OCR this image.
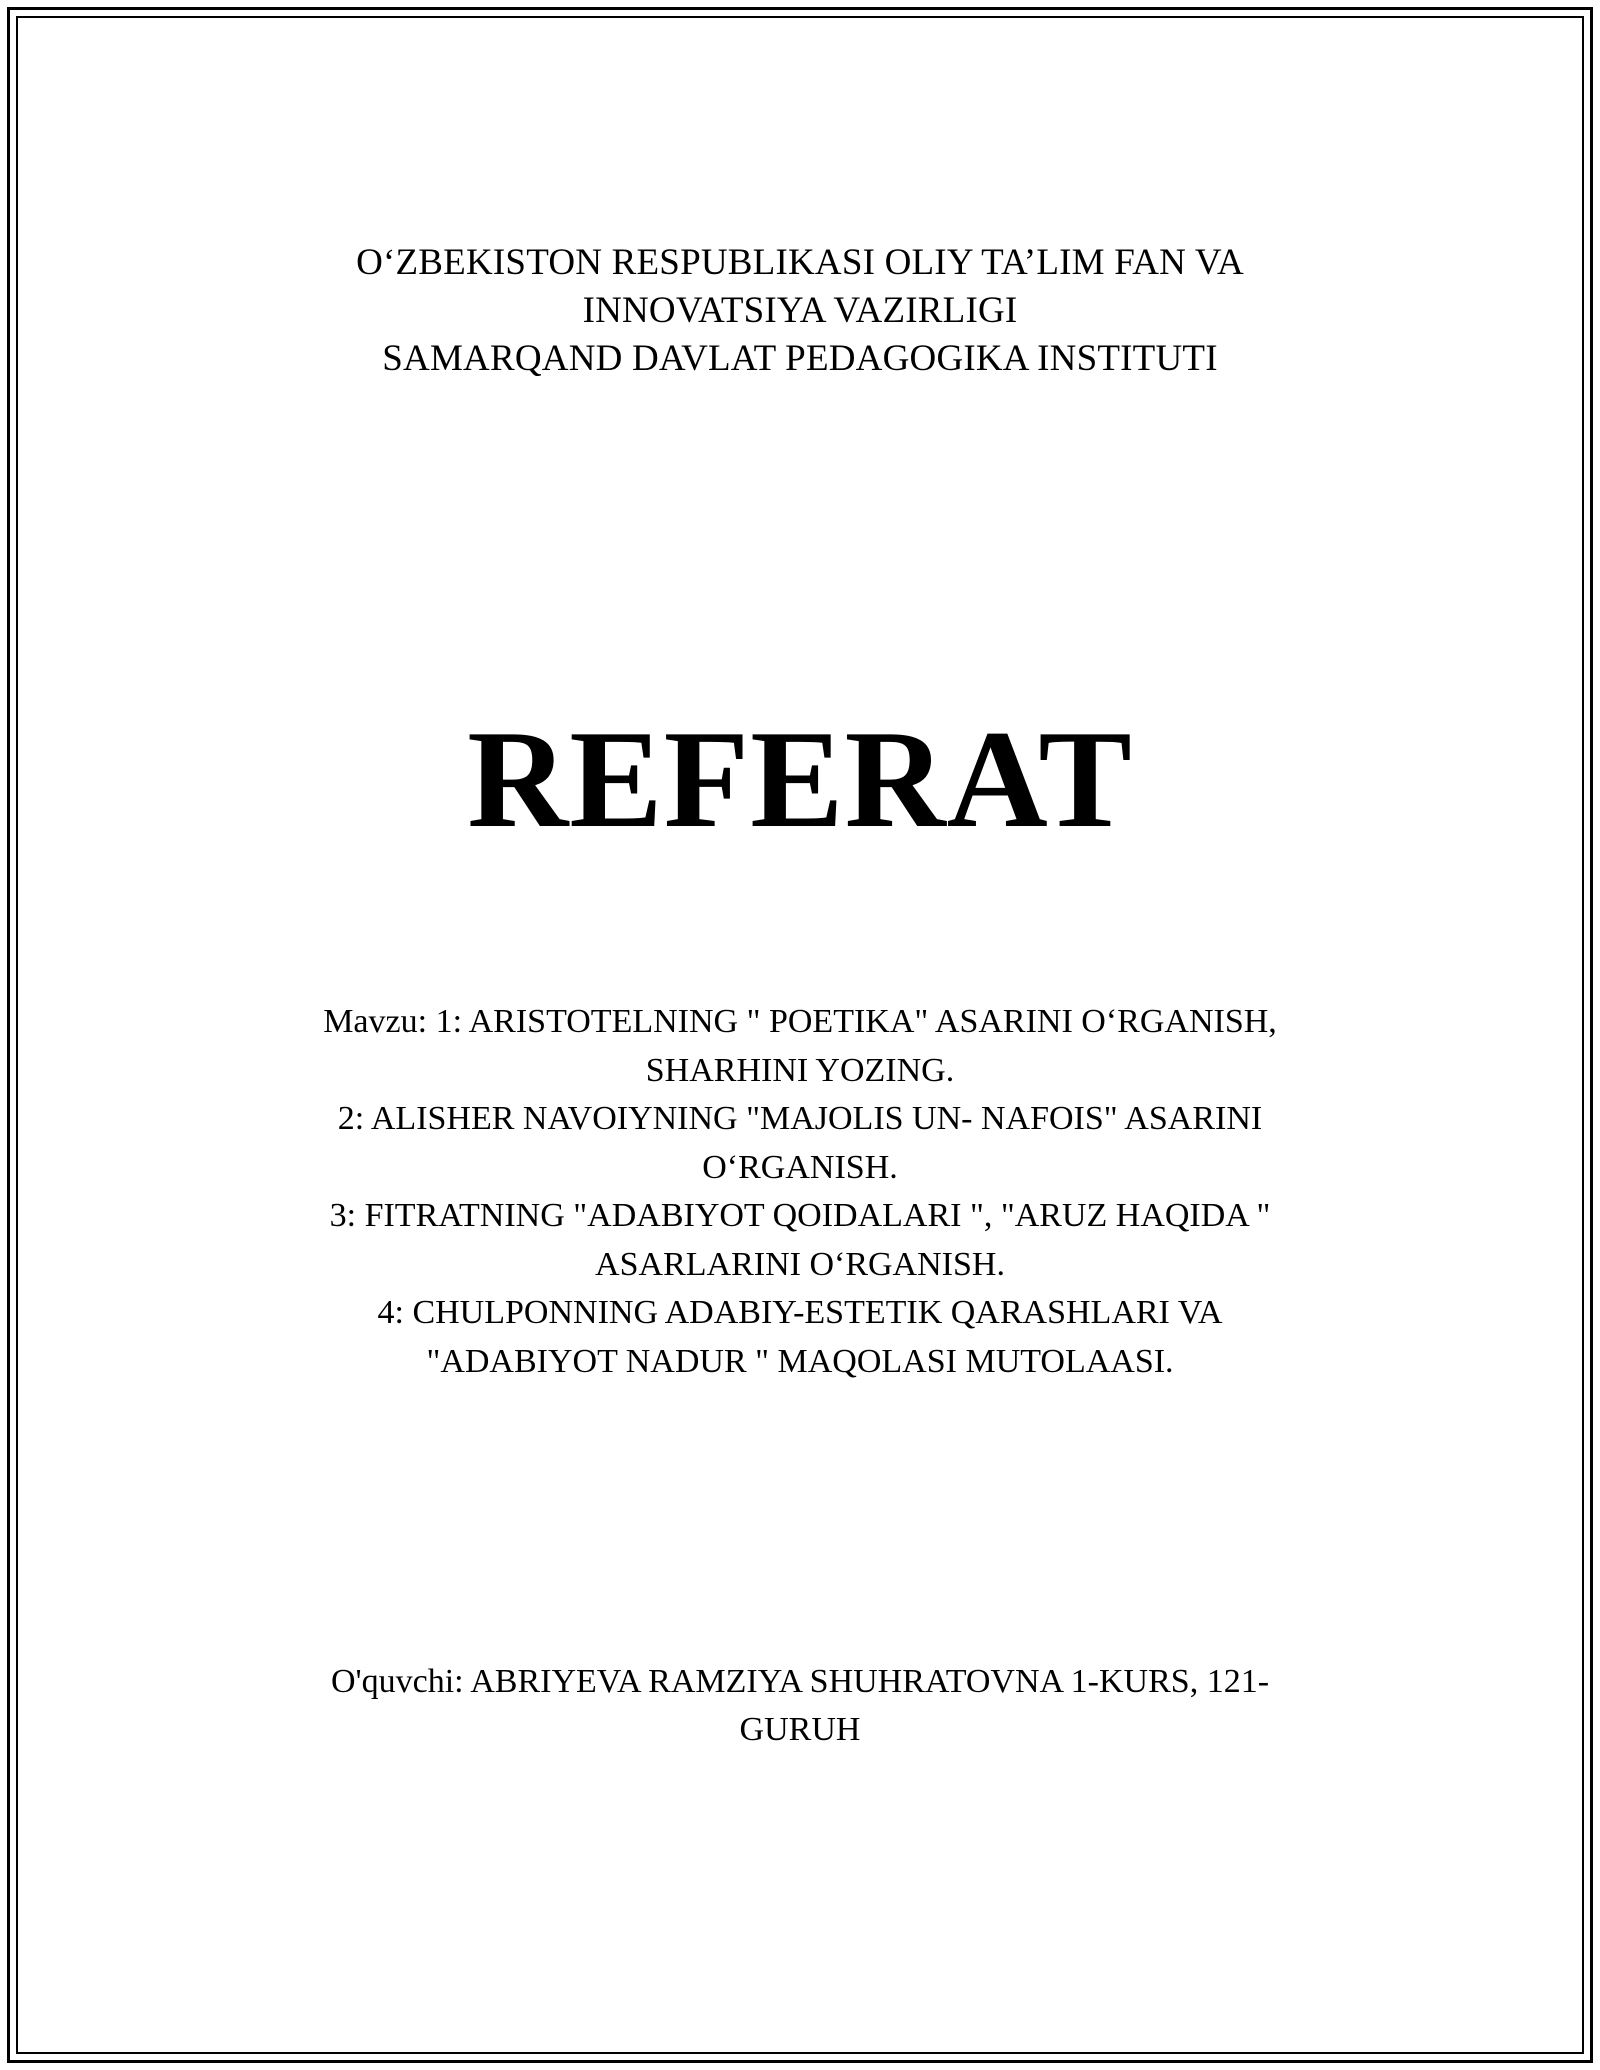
O‘ZBEKISTON RESPUBLIKASI OLIY TA’LIM FAN VA
INNOVATSIYA VAZIRLIGI
SAMARQAND DAVLAT PEDAGOGIKA INSTITUTI
REFERAT
Mavzu: 1: ARISTOTELNING " POETIKA" ASARINI O‘RGANISH,
SHARHINI YOZING.
2: ALISHER NAVOIYNING "MAJOLIS UN- NAFOIS" ASARINI
O‘RGANISH.
3: FITRATNING "ADABIYOT QOIDALARI ", "ARUZ HAQIDA "
ASARLARINI O‘RGANISH.
4: CHULPONNING ADABIY-ESTETIK QARASHLARI VA
"ADABIYOT NADUR " MAQOLASI MUTOLAASI.
O'quvchi: ABRIYEVA RAMZIYA SHUHRATOVNA 1-KURS, 121-
GURUH
